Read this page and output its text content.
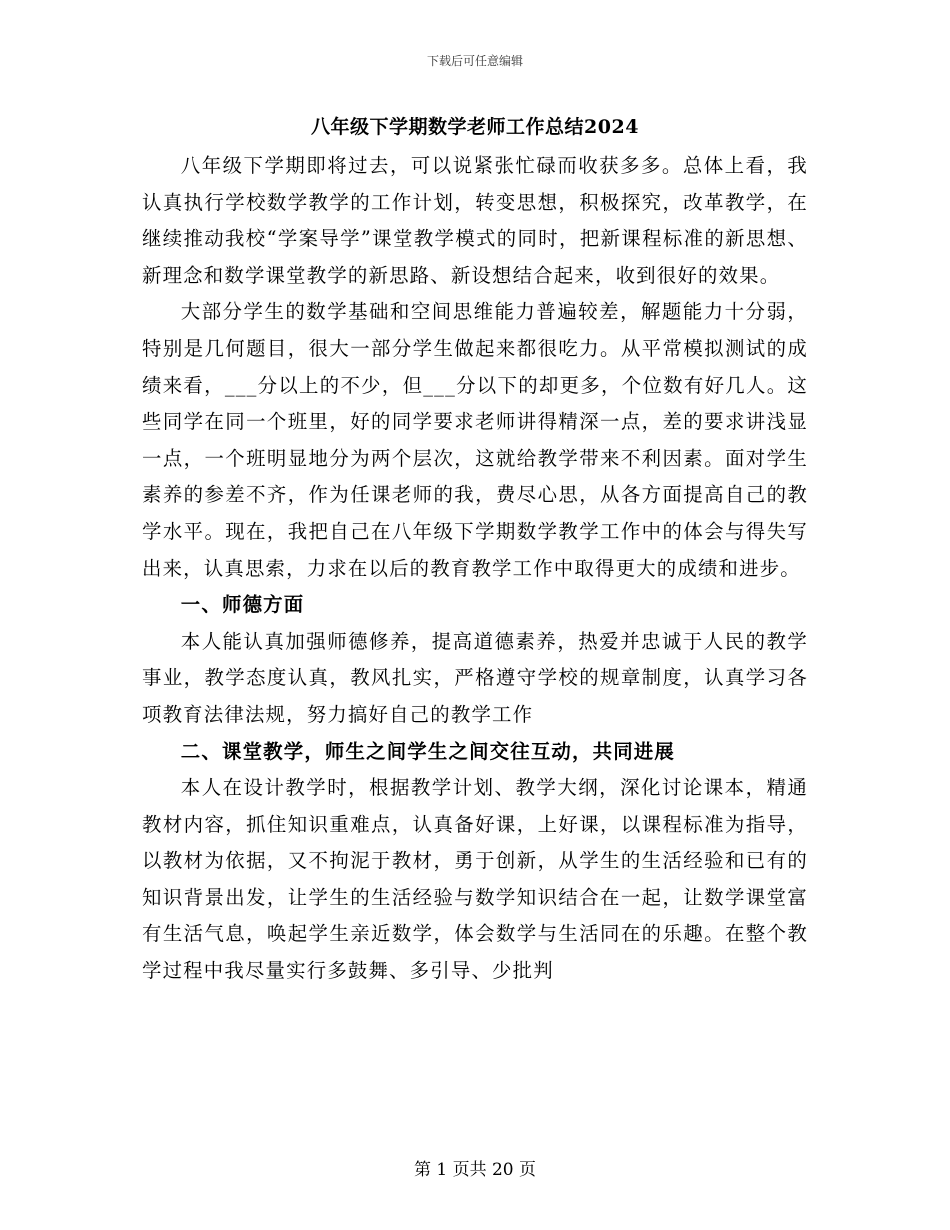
下载后可任意编辑
八年级下学期数学老师工作总结2024

八年级下学期即将过去，可以说紧张忙碌而收获多多。总体上看，我认真执行学校数学教学的工作计划，转变思想，积极探究，改革教学，在继续推动我校“学案导学”课堂教学模式的同时，把新课程标准的新思想、新理念和数学课堂教学的新思路、新设想结合起来，收到很好的效果。

大部分学生的数学基础和空间思维能力普遍较差，解题能力十分弱，特别是几何题目，很大一部分学生做起来都很吃力。从平常模拟测试的成绩来看，___分以上的不少，但___分以下的却更多，个位数有好几人。这些同学在同一个班里，好的同学要求老师讲得精深一点，差的要求讲浅显一点，一个班明显地分为两个层次，这就给教学带来不利因素。面对学生素养的参差不齐，作为任课老师的我，费尽心思，从各方面提高自己的教学水平。现在，我把自己在八年级下学期数学教学工作中的体会与得失写出来，认真思索，力求在以后的教育教学工作中取得更大的成绩和进步。

一、师德方面

本人能认真加强师德修养，提高道德素养，热爱并忠诚于人民的教学事业，教学态度认真，教风扎实，严格遵守学校的规章制度，认真学习各项教育法律法规，努力搞好自己的教学工作

二、课堂教学，师生之间学生之间交往互动，共同进展

本人在设计教学时，根据教学计划、教学大纲，深化讨论课本，精通教材内容，抓住知识重难点，认真备好课，上好课，以课程标准为指导，以教材为依据，又不拘泥于教材，勇于创新，从学生的生活经验和已有的知识背景出发，让学生的生活经验与数学知识结合在一起，让数学课堂富有生活气息，唤起学生亲近数学，体会数学与生活同在的乐趣。在整个教学过程中我尽量实行多鼓舞、多引导、少批判

第 1 页共 20 页
